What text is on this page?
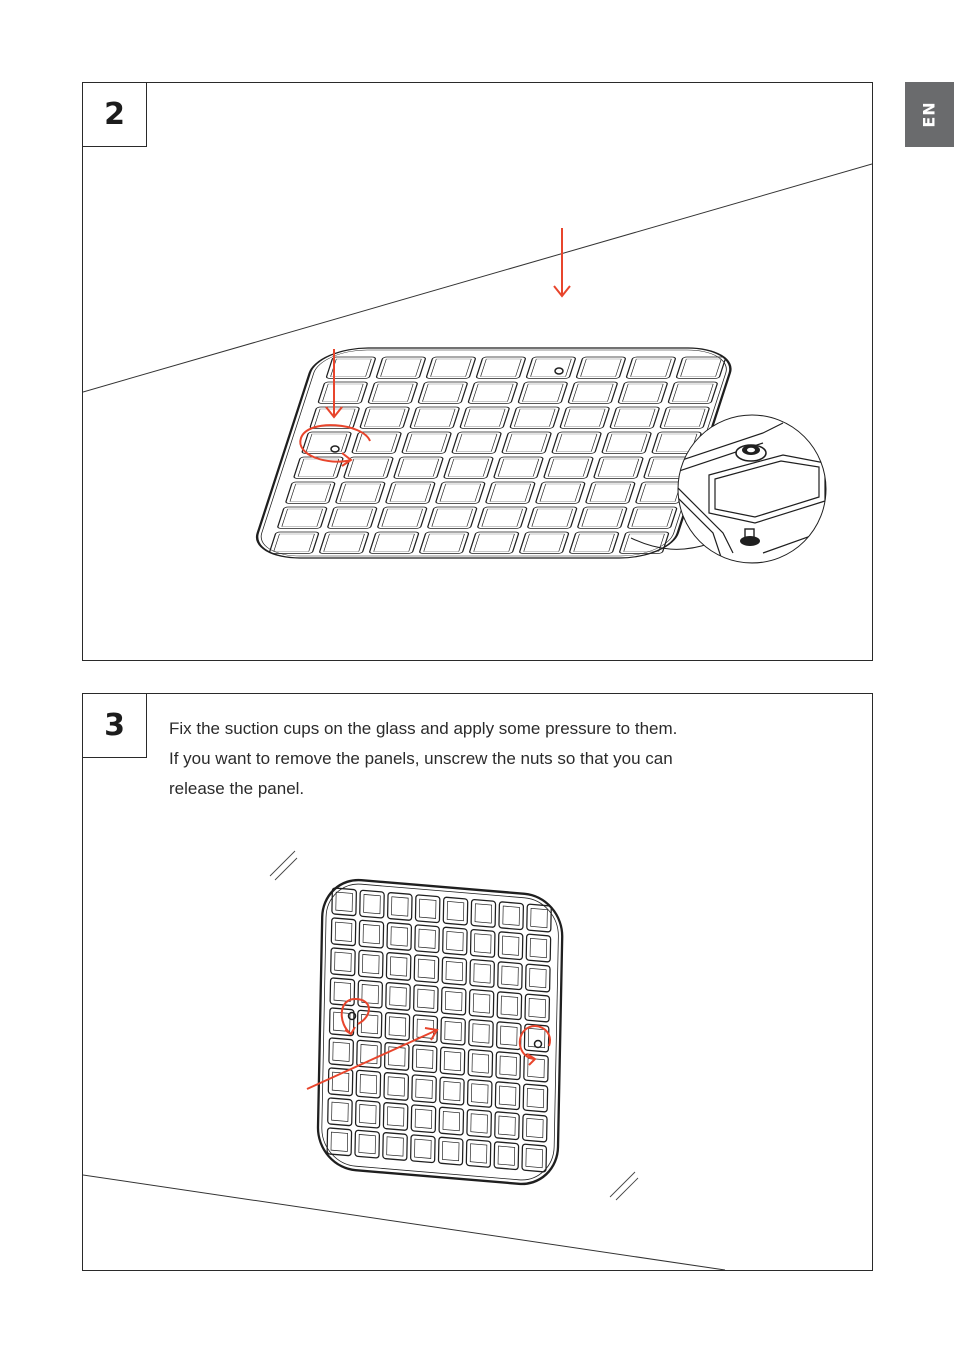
EN
2
3	Fix the suction cups on the glass and apply some pressure to them.
If you want to remove the panels, unscrew the nuts so that you can
release the panel.
